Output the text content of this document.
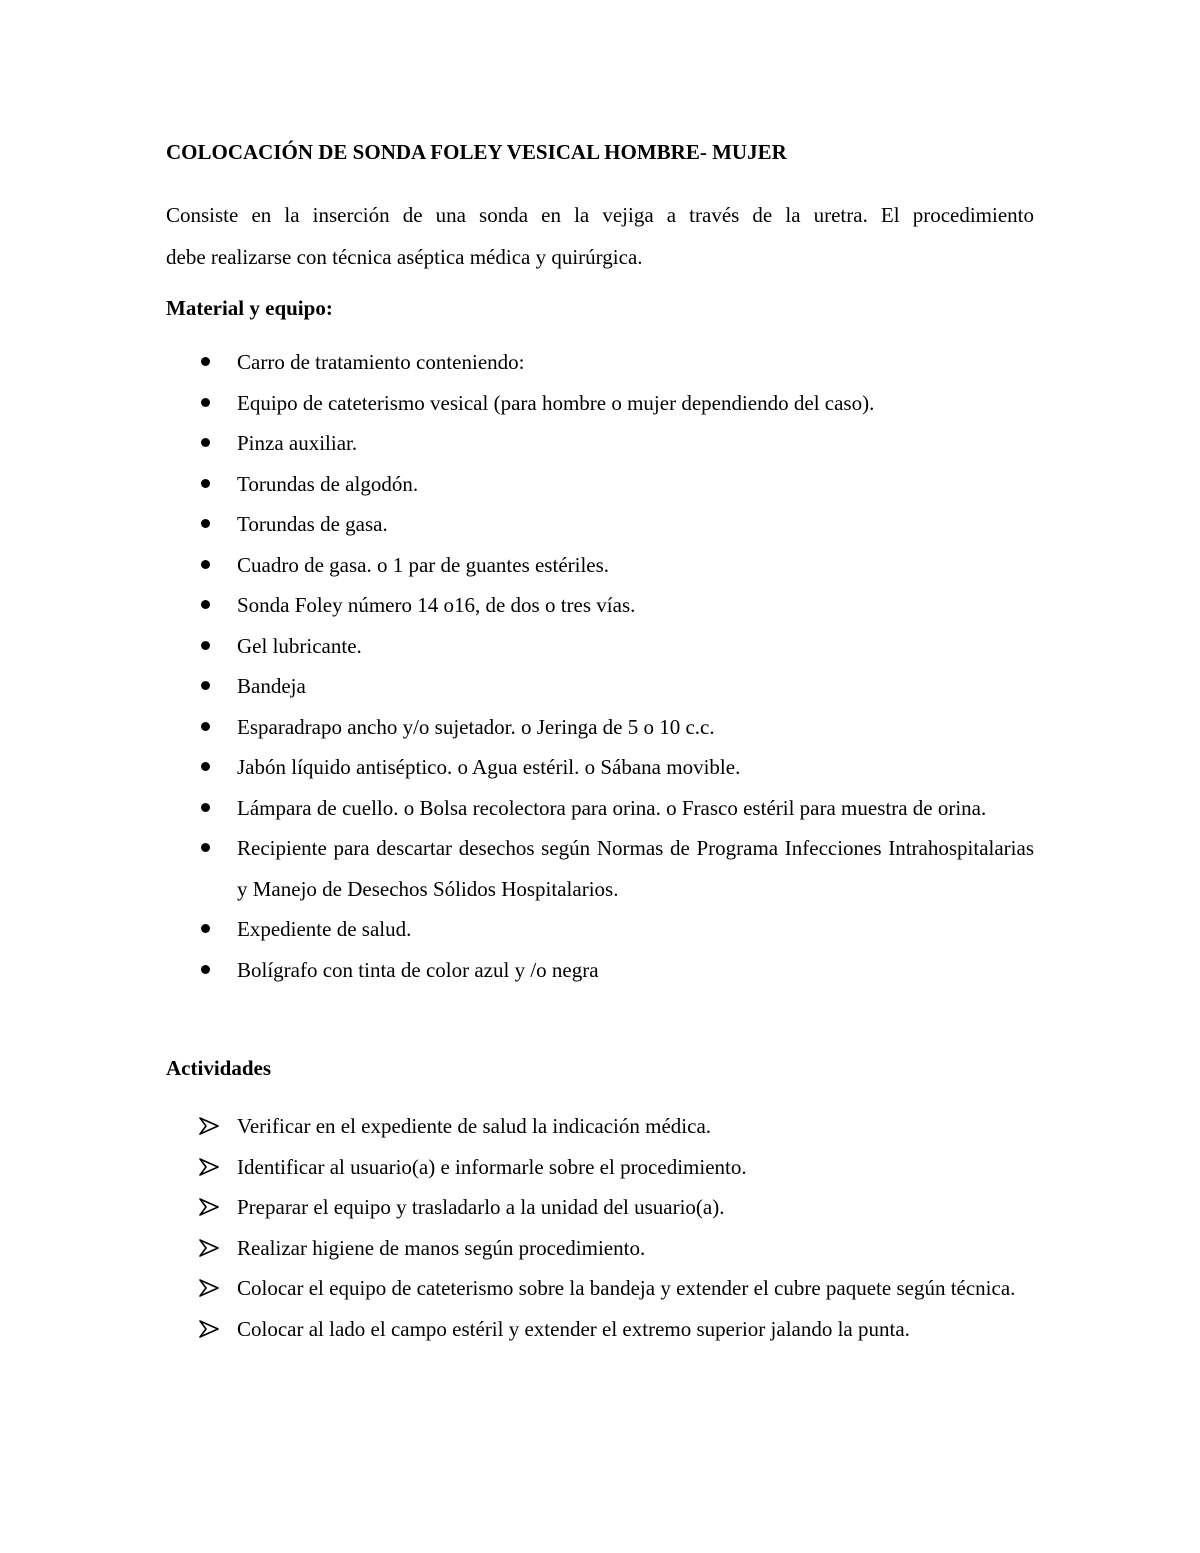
COLOCACIÓN DE SONDA FOLEY VESICAL HOMBRE- MUJER

Consiste en la inserción de una sonda en la vejiga a través de la uretra. El procedimiento
debe realizarse con técnica aséptica médica y quirúrgica.

Material y equipo:
Carro de tratamiento conteniendo:
Equipo de cateterismo vesical (para hombre o mujer dependiendo del caso).
Pinza auxiliar.
Torundas de algodón.
Torundas de gasa.
Cuadro de gasa. o 1 par de guantes estériles.
Sonda Foley número 14 o16, de dos o tres vías.
Gel lubricante.
Bandeja
Esparadrapo ancho y/o sujetador. o Jeringa de 5 o 10 c.c.
Jabón líquido antiséptico. o Agua estéril. o Sábana movible.
Lámpara de cuello. o Bolsa recolectora para orina. o Frasco estéril para muestra de orina.
Recipiente para descartar desechos según Normas de Programa Infecciones Intrahospitalarias y Manejo de Desechos Sólidos Hospitalarios.
Expediente de salud.
Bolígrafo con tinta de color azul y /o negra
Actividades
Verificar en el expediente de salud la indicación médica.
Identificar al usuario(a) e informarle sobre el procedimiento.
Preparar el equipo y trasladarlo a la unidad del usuario(a).
Realizar higiene de manos según procedimiento.
Colocar el equipo de cateterismo sobre la bandeja y extender el cubre paquete según técnica.
Colocar al lado el campo estéril y extender el extremo superior jalando la punta.
